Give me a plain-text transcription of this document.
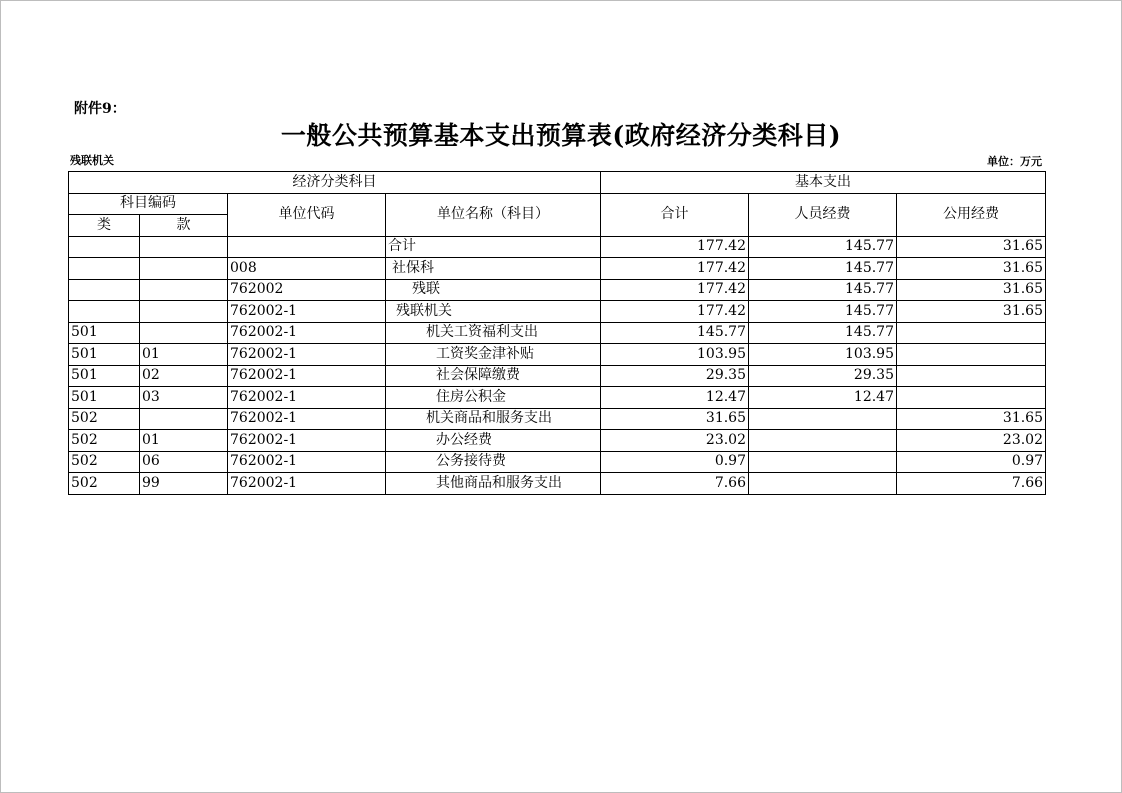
附件9：
一般公共预算基本支出预算表(政府经济分类科目)
残联机关	单位：万元
经济分类科目				基本支出		
科目编码		单位代码	单位名称（科目）	合计	人员经费	公用经费
类	款					
			合计	177.42	145.77	31.65
		008	社保科	177.42	145.77	31.65
		762002	残联	177.42	145.77	31.65
		762002-1	残联机关	177.42	145.77	31.65
501		762002-1	机关工资福利支出	145.77	145.77	
501	01	762002-1	工资奖金津补贴	103.95	103.95	
501	02	762002-1	社会保障缴费	29.35	29.35	
501	03	762002-1	住房公积金	12.47	12.47	
502		762002-1	机关商品和服务支出	31.65		31.65
502	01	762002-1	办公经费	23.02		23.02
502	06	762002-1	公务接待费	0.97		0.97
502	99	762002-1	其他商品和服务支出	7.66		7.66
